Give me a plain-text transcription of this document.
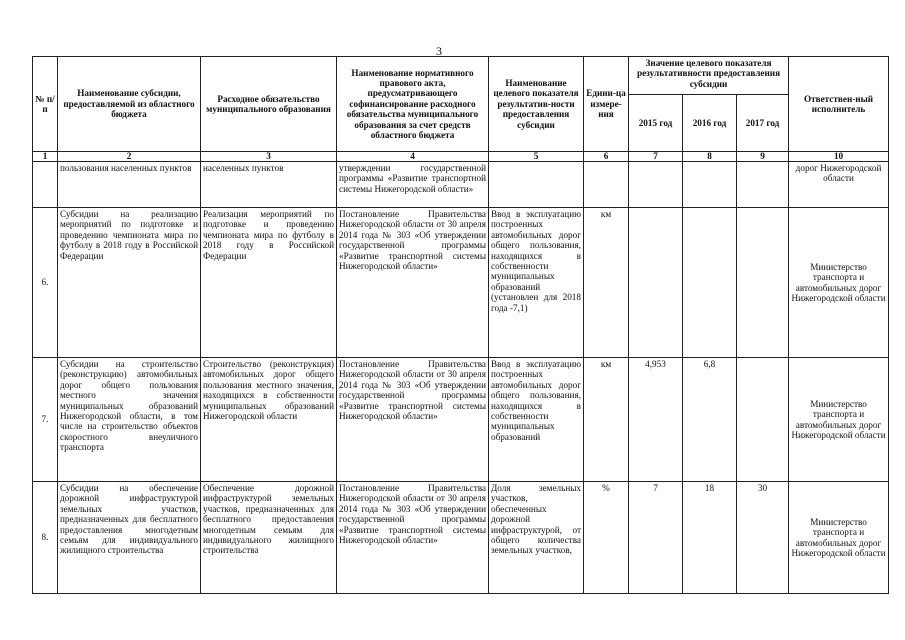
3
№ п/п	Наименование субсидии, предоставляемой из областного бюджета	Расходное обязательство муниципального образования	Наименование нормативного правового акта, предусматривающего софинансирование расходного обязательства муниципального образования за счет средств областного бюджета	Наименование целевого показателя результатив-ности предоставления субсидии	Едини-ца измере-ния	Значение целевого показателя результативности предоставления субсидии			Ответствен-ный исполнитель
						2015 год	2016 год	2017 год	
1	2	3	4	5	6	7	8	9	10
	пользования населенных пунктов	населенных пунктов	утверждении государственной программы «Развитие транспортной системы Нижегородской области»						дорог Нижегородской области
6.	Субсидии на реализацию мероприятий по подготовке и проведению чемпионата мира по футболу в 2018 году в Российской Федерации	Реализация мероприятий по подготовке и проведению чемпионата мира по футболу в 2018 году в Российской Федерации	Постановление Правительства Нижегородской области от 30 апреля 2014 года № 303 «Об утверждении государственной программы «Развитие транспортной системы Нижегородской области»	Ввод в эксплуатацию построенных автомобильных дорог общего пользования, находящихся в собственности муниципальных образований (установлен для 2018 года -7,1)	км				Министерство транспорта и автомобильных дорог Нижегородской области
7.	Субсидии на строительство (реконструкцию) автомобильных дорог общего пользования местного значения муниципальных образований Нижегородской области, в том числе на строительство объектов скоростного внеуличного транспорта	Строительство (реконструкция) автомобильных дорог общего пользования местного значения, находящихся в собственности муниципальных образований Нижегородской области	Постановление Правительства Нижегородской области от 30 апреля 2014 года № 303 «Об утверждении государственной программы «Развитие транспортной системы Нижегородской области»	Ввод в эксплуатацию построенных автомобильных дорог общего пользования, находящихся в собственности муниципальных образований	км	4,953	6,8		Министерство транспорта и автомобильных дорог Нижегородской области
8.	Субсидии на обеспечение дорожной инфраструктурой земельных участков, предназначенных для бесплатного предоставления многодетным семьям для индивидуального жилищного строительства	Обеспечение дорожной инфраструктурой земельных участков, предназначенных для бесплатного предоставления многодетным семьям для индивидуального жилищного строительства	Постановление Правительства Нижегородской области от 30 апреля 2014 года № 303 «Об утверждении государственной программы «Развитие транспортной системы Нижегородской области»	Доля земельных участков, обеспеченных дорожной инфраструктурой, от общего количества земельных участков,	%	7	18	30	Министерство транспорта и автомобильных дорог Нижегородской области
